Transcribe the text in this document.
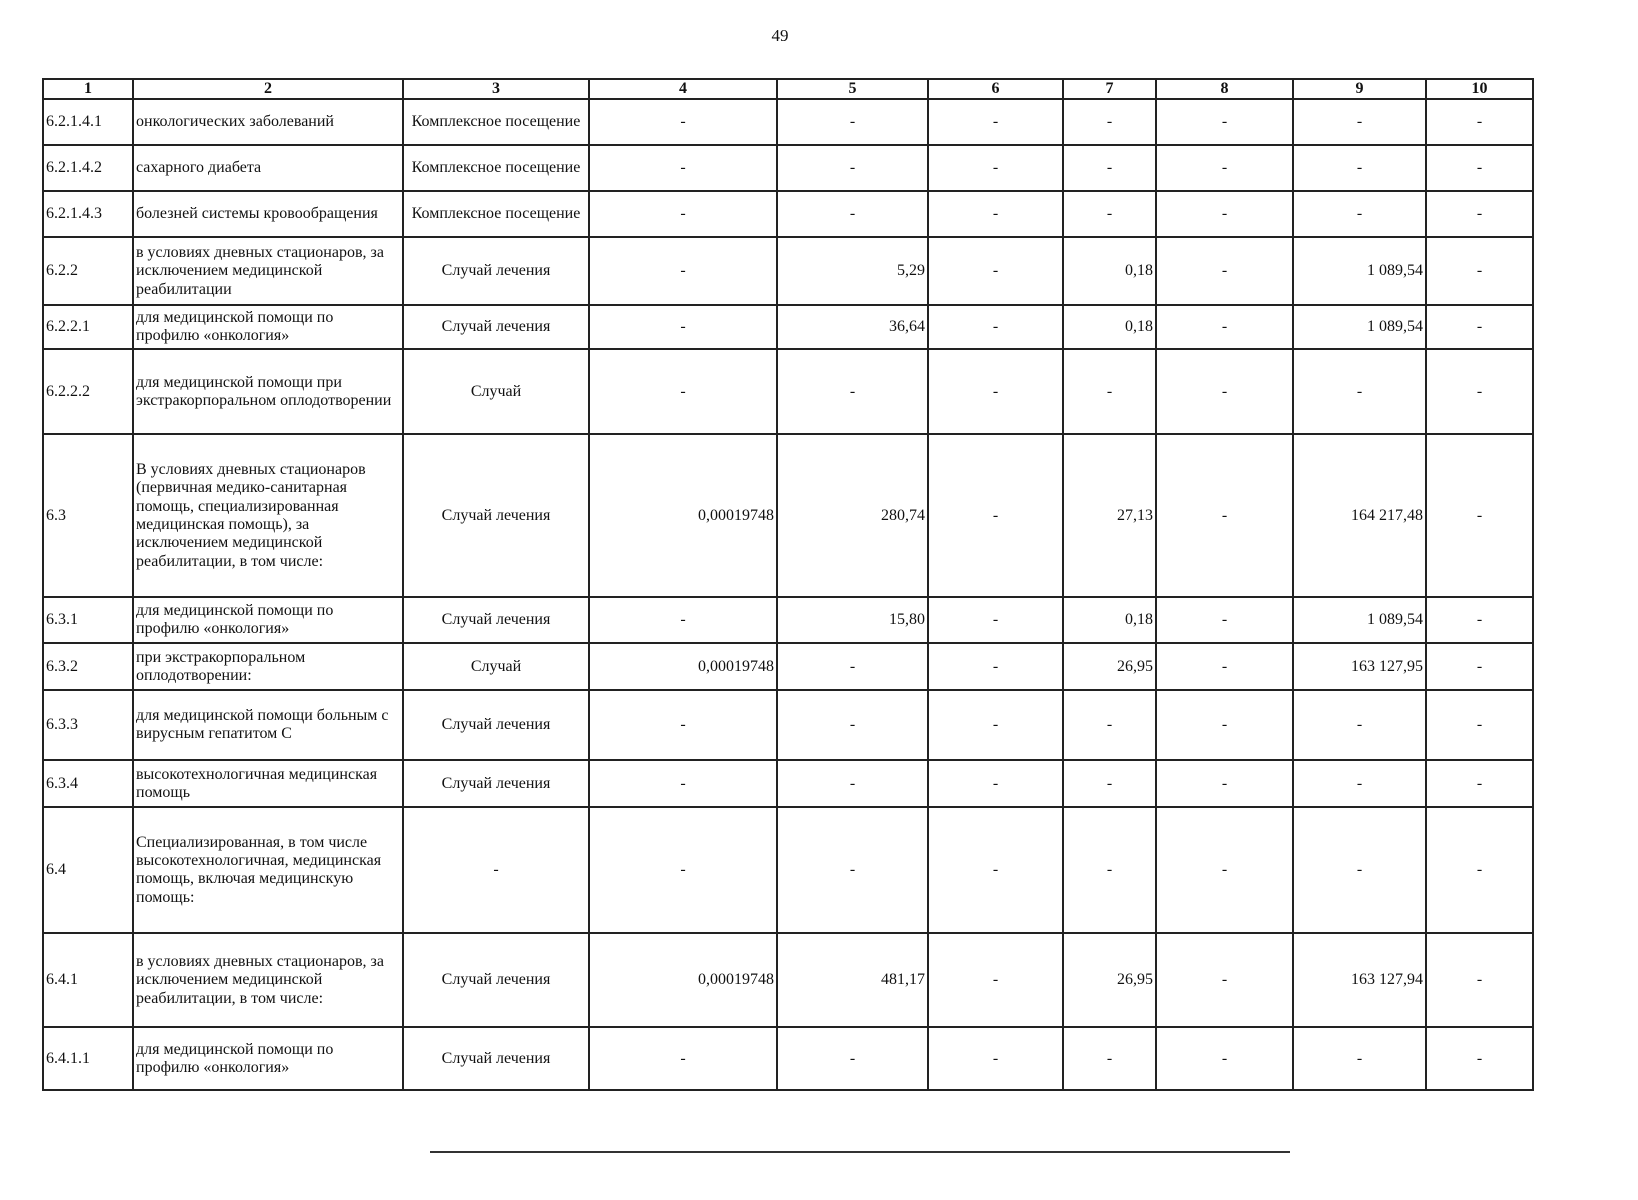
49
1	2	3	4	5	6	7	8	9	10
6.2.1.4.1	онкологических заболеваний	Комплексное посещение	-	-	-	-	-	-	-
6.2.1.4.2	сахарного диабета	Комплексное посещение	-	-	-	-	-	-	-
6.2.1.4.3	болезней системы кровообращения	Комплексное посещение	-	-	-	-	-	-	-
6.2.2	в условиях дневных стационаров, за исключением медицинской реабилитации	Случай лечения	-	5,29	-	0,18	-	1 089,54	-
6.2.2.1	для медицинской помощи по профилю «онкология»	Случай лечения	-	36,64	-	0,18	-	1 089,54	-
6.2.2.2	для медицинской помощи при экстракорпоральном оплодотворении	Случай	-	-	-	-	-	-	-
6.3	В условиях дневных стационаров (первичная медико-санитарная помощь, специализированная медицинская помощь), за исключением медицинской реабилитации, в том числе:	Случай лечения	0,00019748	280,74	-	27,13	-	164 217,48	-
6.3.1	для медицинской помощи по профилю «онкология»	Случай лечения	-	15,80	-	0,18	-	1 089,54	-
6.3.2	при экстракорпоральном оплодотворении:	Случай	0,00019748	-	-	26,95	-	163 127,95	-
6.3.3	для медицинской помощи больным с вирусным гепатитом С	Случай лечения	-	-	-	-	-	-	-
6.3.4	высокотехнологичная медицинская помощь	Случай лечения	-	-	-	-	-	-	-
6.4	Специализированная, в том числе высокотехнологичная, медицинская помощь, включая медицинскую помощь:	-	-	-	-	-	-	-	-
6.4.1	в условиях дневных стационаров, за исключением медицинской реабилитации, в том числе:	Случай лечения	0,00019748	481,17	-	26,95	-	163 127,94	-
6.4.1.1	для медицинской помощи по профилю «онкология»	Случай лечения	-	-	-	-	-	-	-
